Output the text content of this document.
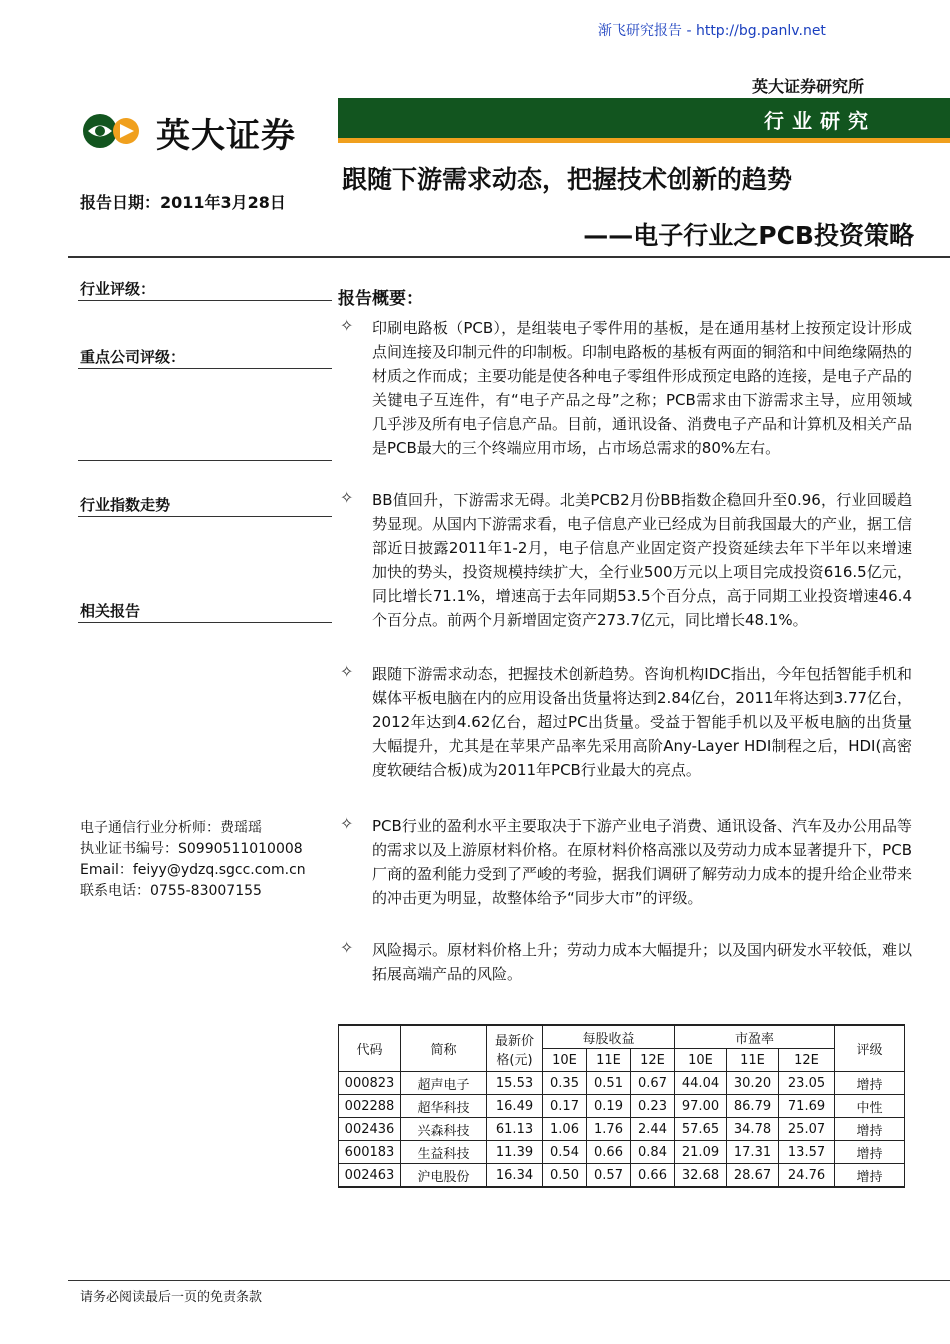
渐飞研究报告 - http://bg.panlv.net
英大证券研究所
英大证券	行业研究
报告日期：2011年3月28日
跟随下游需求动态，把握技术创新的趋势
——电子行业之PCB投资策略
行业评级：
重点公司评级：
行业指数走势
相关报告
电子通信行业分析师：费瑶瑶
执业证书编号：S0990511010008
Email：feiyy@ydzq.sgcc.com.cn
联系电话：0755-83007155
报告概要：
✧ 印刷电路板（PCB），是组装电子零件用的基板，是在通用基材上按预定设计形成点间连接及印制元件的印制板。印制电路板的基板有两面的铜箔和中间绝缘隔热的材质之作而成；主要功能是使各种电子零组件形成预定电路的连接，是电子产品的关键电子互连件，有“电子产品之母”之称；PCB需求由下游需求主导，应用领域几乎涉及所有电子信息产品。目前，通讯设备、消费电子产品和计算机及相关产品是PCB最大的三个终端应用市场，占市场总需求的80%左右。
✧ BB值回升，下游需求无碍。北美PCB2月份BB指数企稳回升至0.96，行业回暖趋势显现。从国内下游需求看，电子信息产业已经成为目前我国最大的产业，据工信部近日披露2011年1-2月，电子信息产业固定资产投资延续去年下半年以来增速加快的势头，投资规模持续扩大，全行业500万元以上项目完成投资616.5亿元，同比增长71.1%，增速高于去年同期53.5个百分点，高于同期工业投资增速46.4个百分点。前两个月新增固定资产273.7亿元，同比增长48.1%。
✧ 跟随下游需求动态，把握技术创新趋势。咨询机构IDC指出，今年包括智能手机和媒体平板电脑在内的应用设备出货量将达到2.84亿台，2011年将达到3.77亿台，2012年达到4.62亿台，超过PC出货量。受益于智能手机以及平板电脑的出货量大幅提升，尤其是在苹果产品率先采用高阶Any-Layer HDI制程之后，HDI(高密度软硬结合板)成为2011年PCB行业最大的亮点。
✧ PCB行业的盈利水平主要取决于下游产业电子消费、通讯设备、汽车及办公用品等的需求以及上游原材料价格。在原材料价格高涨以及劳动力成本显著提升下，PCB厂商的盈利能力受到了严峻的考验，据我们调研了解劳动力成本的提升给企业带来的冲击更为明显，故整体给予“同步大市”的评级。
✧ 风险揭示。原材料价格上升；劳动力成本大幅提升；以及国内研发水平较低，难以拓展高端产品的风险。
代码	简称	最新价
格(元)	每股收益			市盈率			评级
			10E	11E	12E	10E	11E	12E	
000823	超声电子	15.53	0.35	0.51	0.67	44.04	30.20	23.05	增持
002288	超华科技	16.49	0.17	0.19	0.23	97.00	86.79	71.69	中性
002436	兴森科技	61.13	1.06	1.76	2.44	57.65	34.78	25.07	增持
600183	生益科技	11.39	0.54	0.66	0.84	21.09	17.31	13.57	增持
002463	沪电股份	16.34	0.50	0.57	0.66	32.68	28.67	24.76	增持
请务必阅读最后一页的免责条款
